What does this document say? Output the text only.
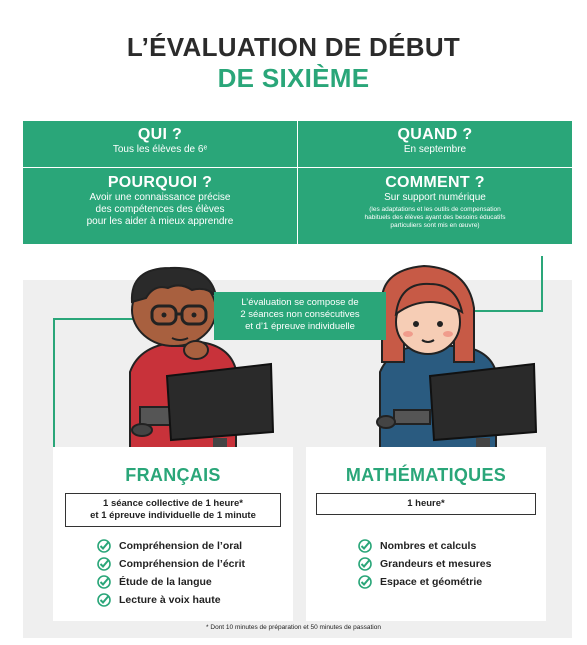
L’ÉVALUATION DE DÉBUT
DE SIXIÈME
QUI ?
Tous les élèves de 6ᵉ
QUAND ?
En septembre
POURQUOI ?
Avoir une connaissance précise
des compétences des élèves
pour les aider à mieux apprendre
COMMENT ?
Sur support numérique
(les adaptations et les outils de compensation
habituels des élèves ayant des besoins éducatifs
particuliers sont mis en œuvre)
L’évaluation se compose de
2 séances non consécutives
et d’1 épreuve individuelle
FRANÇAIS
1 séance collective de 1 heure*
et 1 épreuve individuelle de 1 minute
Compréhension de l’oral
Compréhension de l’écrit
Étude de la langue
Lecture à voix haute
MATHÉMATIQUES
1 heure*
Nombres et calculs
Grandeurs et mesures
Espace et géométrie
* Dont 10 minutes de préparation et 50 minutes de passation
